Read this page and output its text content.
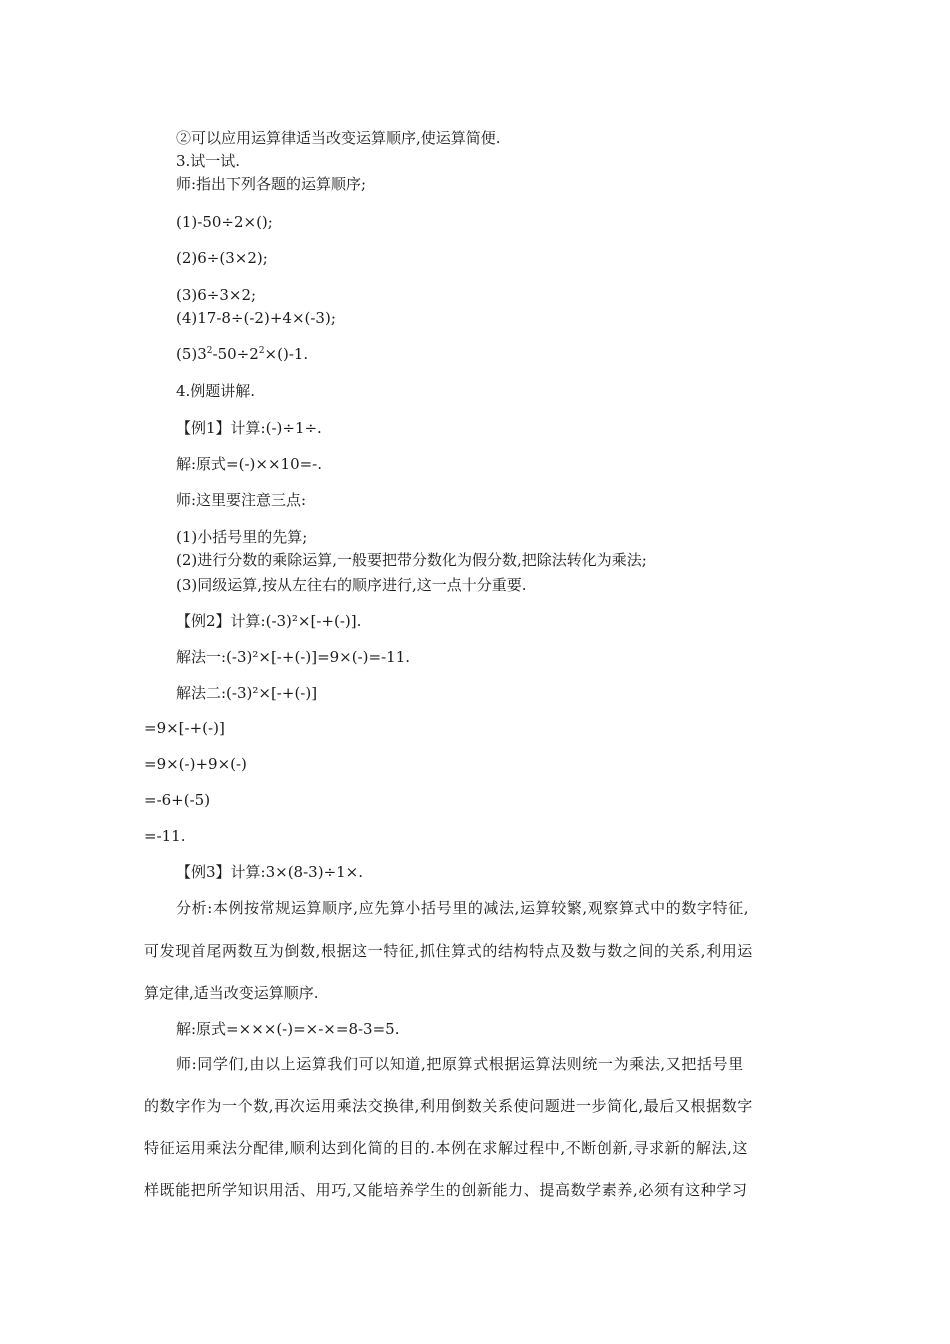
②可以应用运算律适当改变运算顺序,使运算简便.
3.试一试.
师:指出下列各题的运算顺序;
(1)-50÷2×();
(2)6÷(3×2);
(3)6÷3×2;
(4)17-8÷(-2)+4×(-3);
$(5)3^2-50\div 2^2\times()-1$.
4.例题讲解.
【例1】计算:(-)÷1÷.
解:原式=(-)××10=-.
师:这里要注意三点:
(1)小括号里的先算;
(2)进行分数的乘除运算,一般要把带分数化为假分数,把除法转化为乘法;
(3)同级运算,按从左往右的顺序进行,这一点十分重要.
【例2】计算:(-3)²×[-+(-)].
解法一:(-3)²×[-+(-)]=9×(-)=-11.
解法二:(-3)²×[-+(-)]
=9×[-+(-)]
=9×(-)+9×(-)
=-6+(-5)
=-11.
【例3】计算:3×(8-3)÷1×.
分析:本例按常规运算顺序,应先算小括号里的减法,运算较繁,观察算式中的数字特征,
可发现首尾两数互为倒数,根据这一特征,抓住算式的结构特点及数与数之间的关系,利用运
算定律,适当改变运算顺序.
解:原式=×××(-)=×-×=8-3=5.
师:同学们,由以上运算我们可以知道,把原算式根据运算法则统一为乘法,又把括号里
的数字作为一个数,再次运用乘法交换律,利用倒数关系使问题进一步简化,最后又根据数字
特征运用乘法分配律,顺利达到化简的目的.本例在求解过程中,不断创新,寻求新的解法,这
样既能把所学知识用活、用巧,又能培养学生的创新能力、提高数学素养,必须有这种学习
